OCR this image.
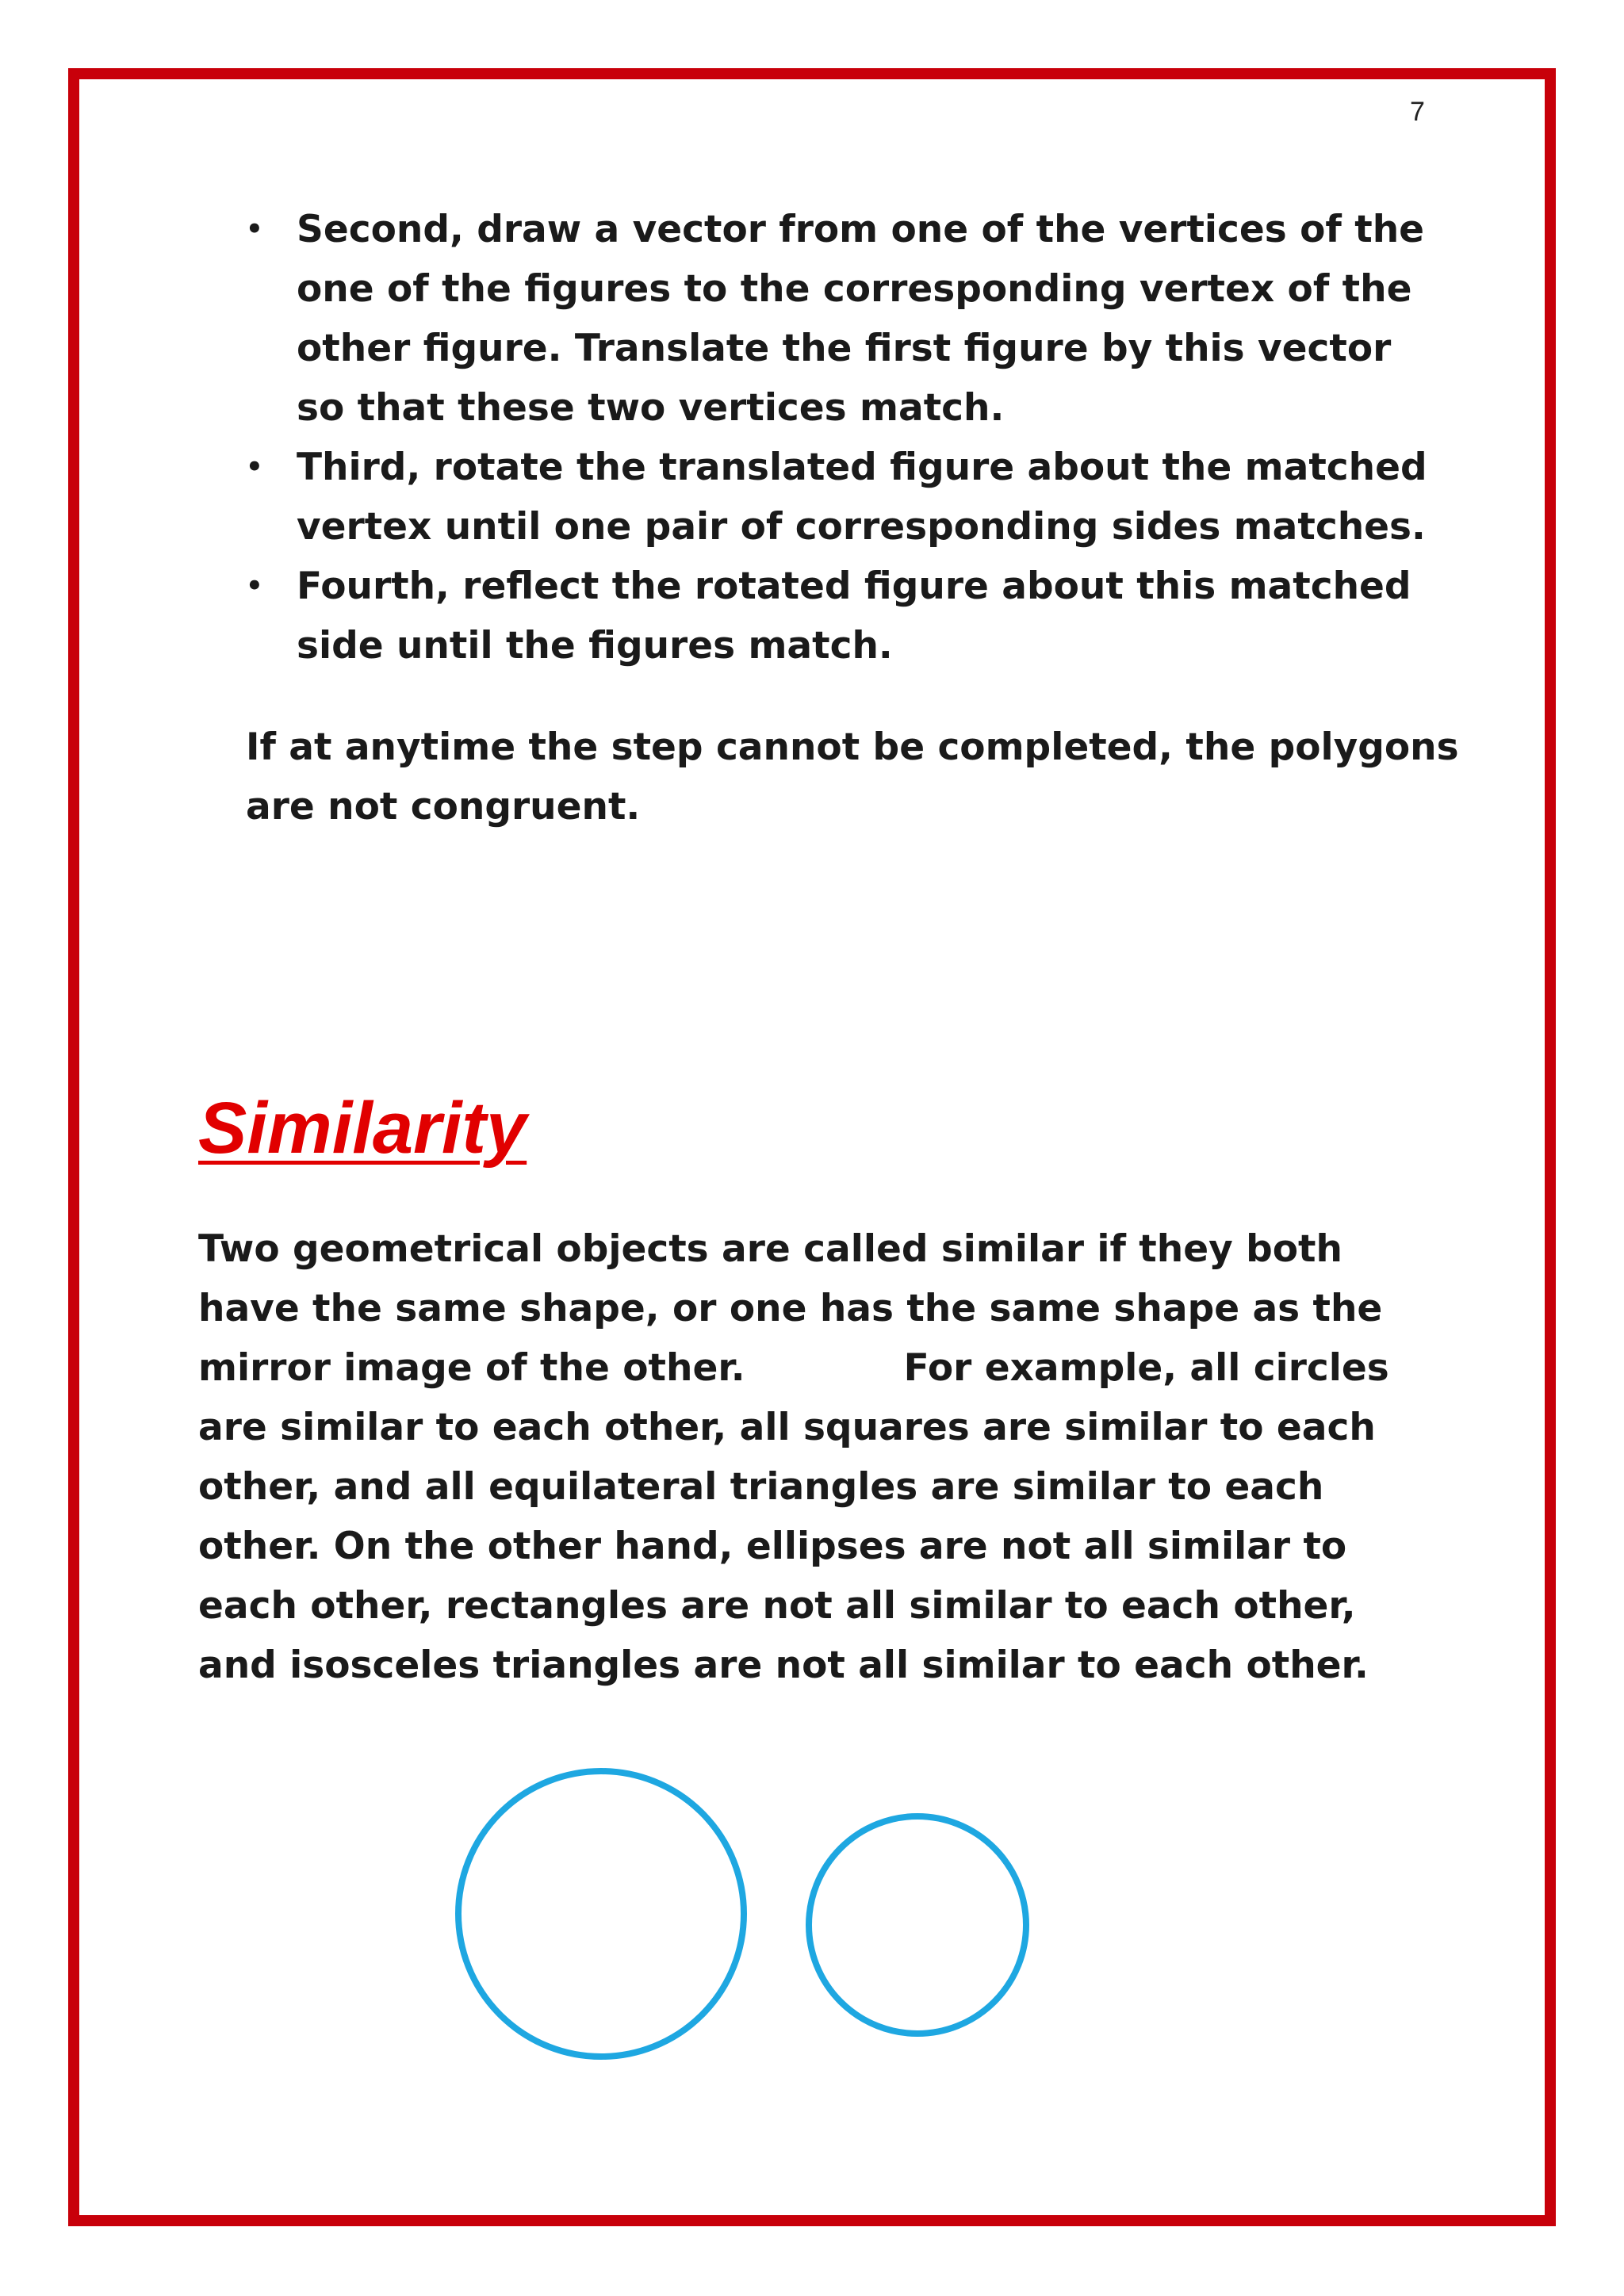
7
• Second, draw a vector from one of the vertices of the one of the figures to the corresponding vertex of the other figure. Translate the first figure by this vector so that these two vertices match.
• Third, rotate the translated figure about the matched vertex until one pair of corresponding sides matches.
• Fourth, reflect the rotated figure about this matched side until the figures match.

If at anytime the step cannot be completed, the polygons are not congruent.

Similarity

Two geometrical objects are called similar if they both have the same shape, or one has the same shape as the mirror image of the other.	For example, all circles are similar to each other, all squares are similar to each other, and all equilateral triangles are similar to each other. On the other hand, ellipses are not all similar to each other, rectangles are not all similar to each other, and isosceles triangles are not all similar to each other.
